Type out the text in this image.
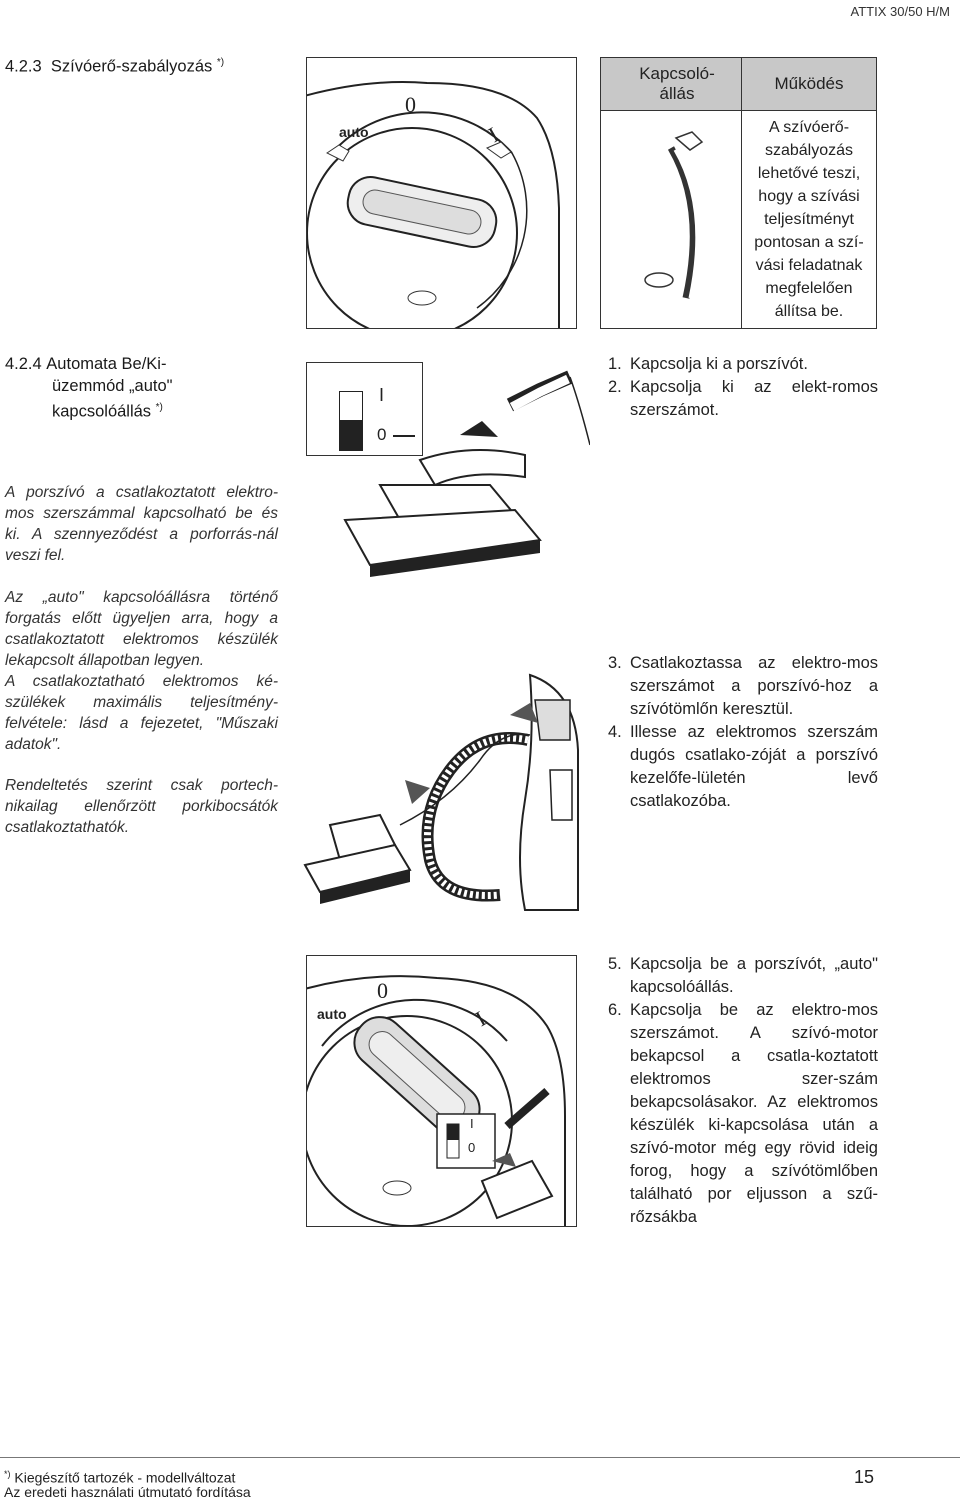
ATTIX 30/50 H/M
4.2.3 Szívóerő-szabályozás *)
auto
0
I
Kapcsoló-
állás
Működés
A szívóerő-
szabályozás
lehetővé teszi,
hogy a szívási
teljesítményt
pontosan a szí-
vási feladatnak
megfelelően
állítsa be.
4.2.4 Automata Be/Ki-
üzemmód „auto"
kapcsolóállás *)
I
0
1. Kapcsolja ki a porszívót.
2. Kapcsolja ki az elekt-romos szerszámot.
A porszívó a csatlakoztatott elektro-mos szerszámmal kapcsolható be és ki. A szennyeződést a porforrás-nál veszi fel.
Az „auto" kapcsolóállásra történő forgatás előtt ügyeljen arra, hogy a csatlakoztatott elektromos készülék lekapcsolt állapotban legyen.
A csatlakoztatható elektromos ké-szülékek maximális teljesítmény-felvétele: lásd a fejezetet, "Műszaki adatok".
Rendeltetés szerint csak portech-nikailag ellenőrzött porkibocsátók csatlakoztathatók.
3. Csatlakoztassa az elektro-mos szerszámot a porszívó-hoz a szívótömlőn keresztül.
4. Illesse az elektromos szerszám dugós csatlako-zóját a porszívó kezelőfe-lületén levő csatlakozóba.
auto
0
I
I
0
5. Kapcsolja be a porszívót, „auto" kapcsolóállás.
6. Kapcsolja be az elektro-mos szerszámot. A szívó-motor bekapcsol a csatla-koztatott elektromos szer-szám bekapcsolásakor. Az elektromos készülék ki-kapcsolása után a szívó-motor még egy rövid ideig forog, hogy a szívótömlőben található por eljusson a szű-rőzsákba
*) Kiegészítő tartozék - modellváltozat
Az eredeti használati útmutató fordítása
15
